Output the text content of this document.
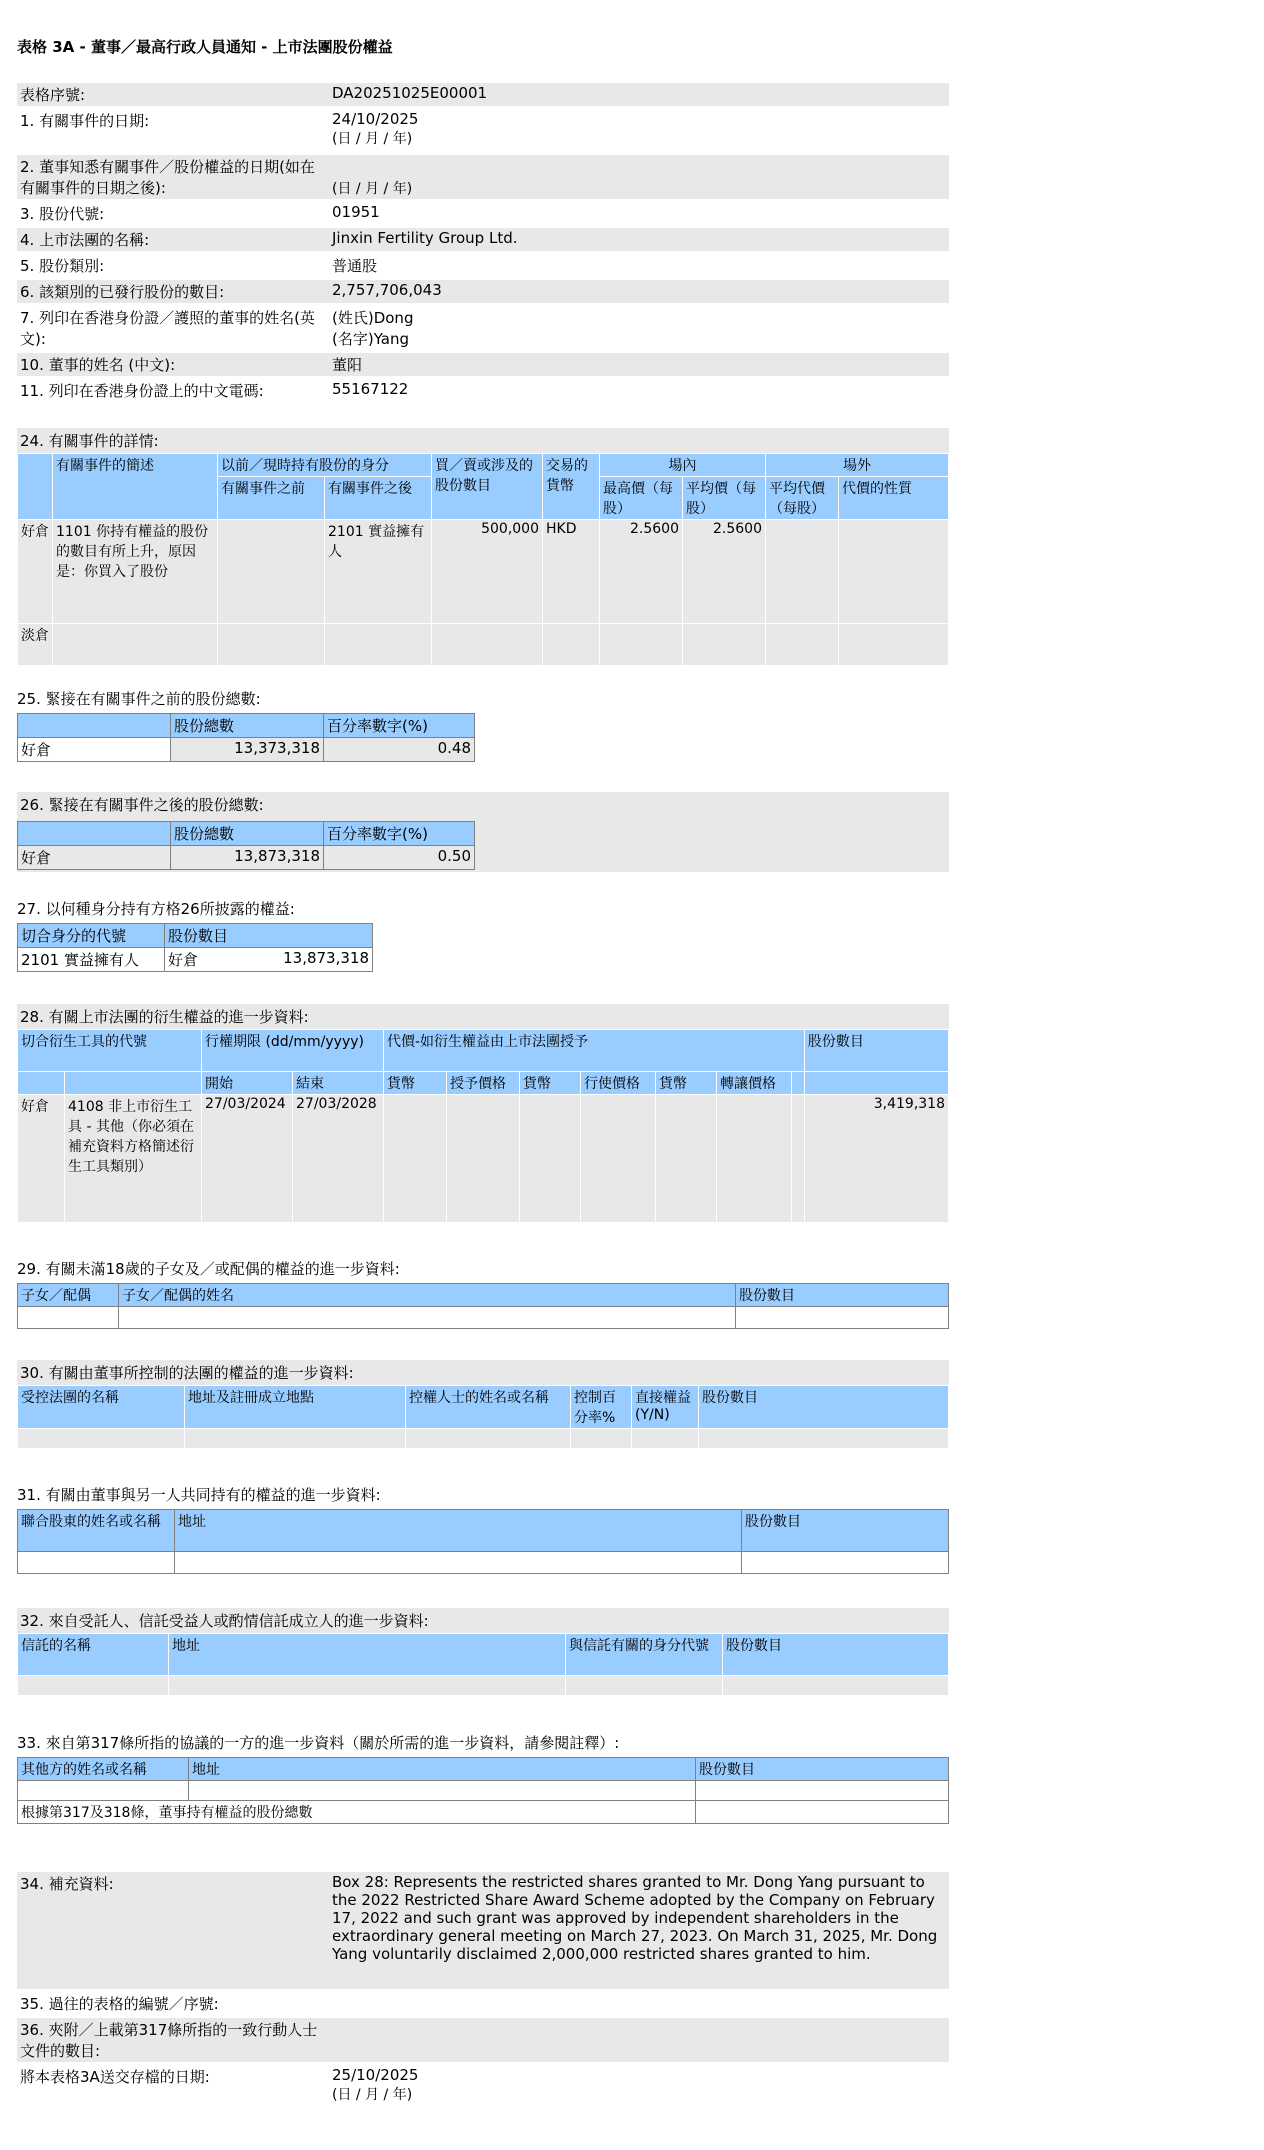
表格 3A - 董事／最高行政人員通知 - 上市法團股份權益
表格序號:	DA20251025E00001
1. 有關事件的日期:	24/10/2025
(日 / 月 / 年)

2. 董事知悉有關事件／股份權益的日期(如在有關事件的日期之後):	(日 / 月 / 年)

3. 股份代號:	01951
4. 上市法團的名稱:	Jinxin Fertility Group Ltd.
5. 股份類別:	普通股
6. 該類別的已發行股份的數目:	2,757,706,043
7. 列印在香港身份證／護照的董事的姓名(英文):	(姓氏)Dong
(名字)Yang

10. 董事的姓名 (中文):	董阳
11. 列印在香港身份證上的中文電碼:	55167122
24. 有關事件的詳情:
	有關事件的簡述	以前／現時持有股份的身分		買／賣或涉及的股份數目	交易的貨幣	場內		場外	
		有關事件之前	有關事件之後			最高價（每股）	平均價（每股）	平均代價（每股）	代價的性質
好倉	1101 你持有權益的股份的數目有所上升，原因是：你買入了股份		2101 實益擁有人	500,000	HKD	2.5600	2.5600		
淡倉									
25. 緊接在有關事件之前的股份總數:
	股份總數	百分率數字(%)
好倉	13,373,318	0.48
26. 緊接在有關事件之後的股份總數:
	股份總數	百分率數字(%)
好倉	13,873,318	0.50
27. 以何種身分持有方格26所披露的權益:
切合身分的代號	股份數目	
2101 實益擁有人	好倉	13,873,318
28. 有關上市法團的衍生權益的進一步資料:
切合衍生工具的代號		行權期限 (dd/mm/yyyy)		代價-如衍生權益由上市法團授予							股份數目
		開始	結束	貨幣	授予價格	貨幣	行使價格	貨幣	轉讓價格		
好倉	4108 非上市衍生工具 - 其他（你必須在補充資料方格簡述衍生工具類別）	27/03/2024	27/03/2028								3,419,318
29. 有關未滿18歲的子女及／或配偶的權益的進一步資料:
子女／配偶	子女／配偶的姓名	股份數目

30. 有關由董事所控制的法團的權益的進一步資料:
受控法團的名稱	地址及註冊成立地點	控權人士的姓名或名稱	控制百分率%	直接權益(Y/N)	股份數目

31. 有關由董事與另一人共同持有的權益的進一步資料:
聯合股東的姓名或名稱	地址	股份數目

32. 來自受託人、信託受益人或酌情信託成立人的進一步資料:
信託的名稱	地址	與信託有關的身分代號	股份數目

33. 來自第317條所指的協議的一方的進一步資料（關於所需的進一步資料，請參閱註釋）:
其他方的姓名或名稱	地址	股份數目

根據第317及318條，董事持有權益的股份總數		
34. 補充資料:	Box 28: Represents the restricted shares granted to Mr. Dong Yang pursuant to the 2022 Restricted Share Award Scheme adopted by the Company on February 17, 2022 and such grant was approved by independent shareholders in the extraordinary general meeting on March 27, 2023. On March 31, 2025, Mr. Dong Yang voluntarily disclaimed 2,000,000 restricted shares granted to him.
35. 過往的表格的編號／序號:	
36. 夾附／上載第317條所指的一致行動人士文件的數目:	
將本表格3A送交存檔的日期:	25/10/2025
(日 / 月 / 年)
